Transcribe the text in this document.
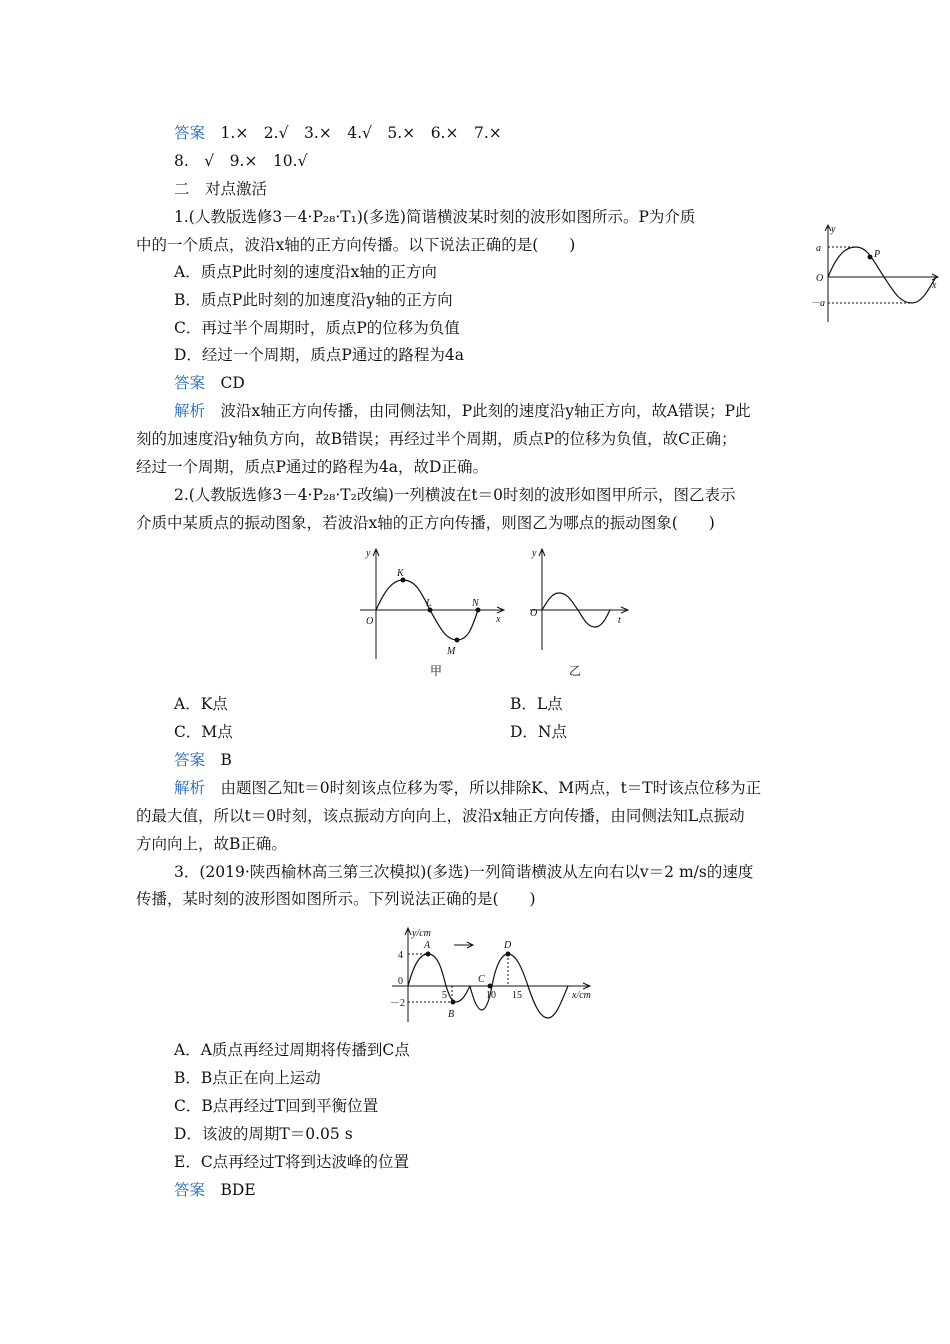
答案　 1.×　2.√　3.×　4.√　5.×　6.×　7.×
8.　√　9.×　10.√
二　对点激活
1.(人教版选修3－4·P₂₈·T₁)(多选)简谐横波某时刻的波形如图所示。P为介质
中的一个质点，波沿x轴的正方向传播。以下说法正确的是(　　)
A．质点P此时刻的速度沿x轴的正方向
B．质点P此时刻的加速度沿y轴的正方向
C．再过半个周期时，质点P的位移为负值
D．经过一个周期，质点P通过的路程为4a
答案　 CD
解析　 波沿x轴正方向传播，由同侧法知，P此刻的速度沿y轴正方向，故A错误；P此
刻的加速度沿y轴负方向，故B错误；再经过半个周期，质点P的位移为负值，故C正确；
经过一个周期，质点P通过的路程为4a，故D正确。
y
a
O
－a
P
x
2.(人教版选修3－4·P₂₈·T₂改编)一列横波在t＝0时刻的波形如图甲所示，图乙表示
介质中某质点的振动图象，若波沿x轴的正方向传播，则图乙为哪点的振动图象(　　)
y
O
K
L
M
N
x
甲
y
O
t
乙
A．K点	B．L点
C．M点	D．N点
答案　 B
解析　 由题图乙知t＝0时刻该点位移为零，所以排除K、M两点，t＝T时该点位移为正
的最大值，所以t＝0时刻，该点振动方向向上，波沿x轴正方向传播，由同侧法知L点振动
方向向上，故B正确。
3．(2019·陕西榆林高三第三次模拟)(多选)一列简谐横波从左向右以v＝2 m/s的速度
传播，某时刻的波形图如图所示。下列说法正确的是(　　)
y/cm
4
0
－2
5	10 15
A
B
C
D
x/cm
A．A质点再经过周期将传播到C点
B．B点正在向上运动
C．B点再经过T回到平衡位置
D．该波的周期T＝0.05 s
E．C点再经过T将到达波峰的位置
答案　 BDE
